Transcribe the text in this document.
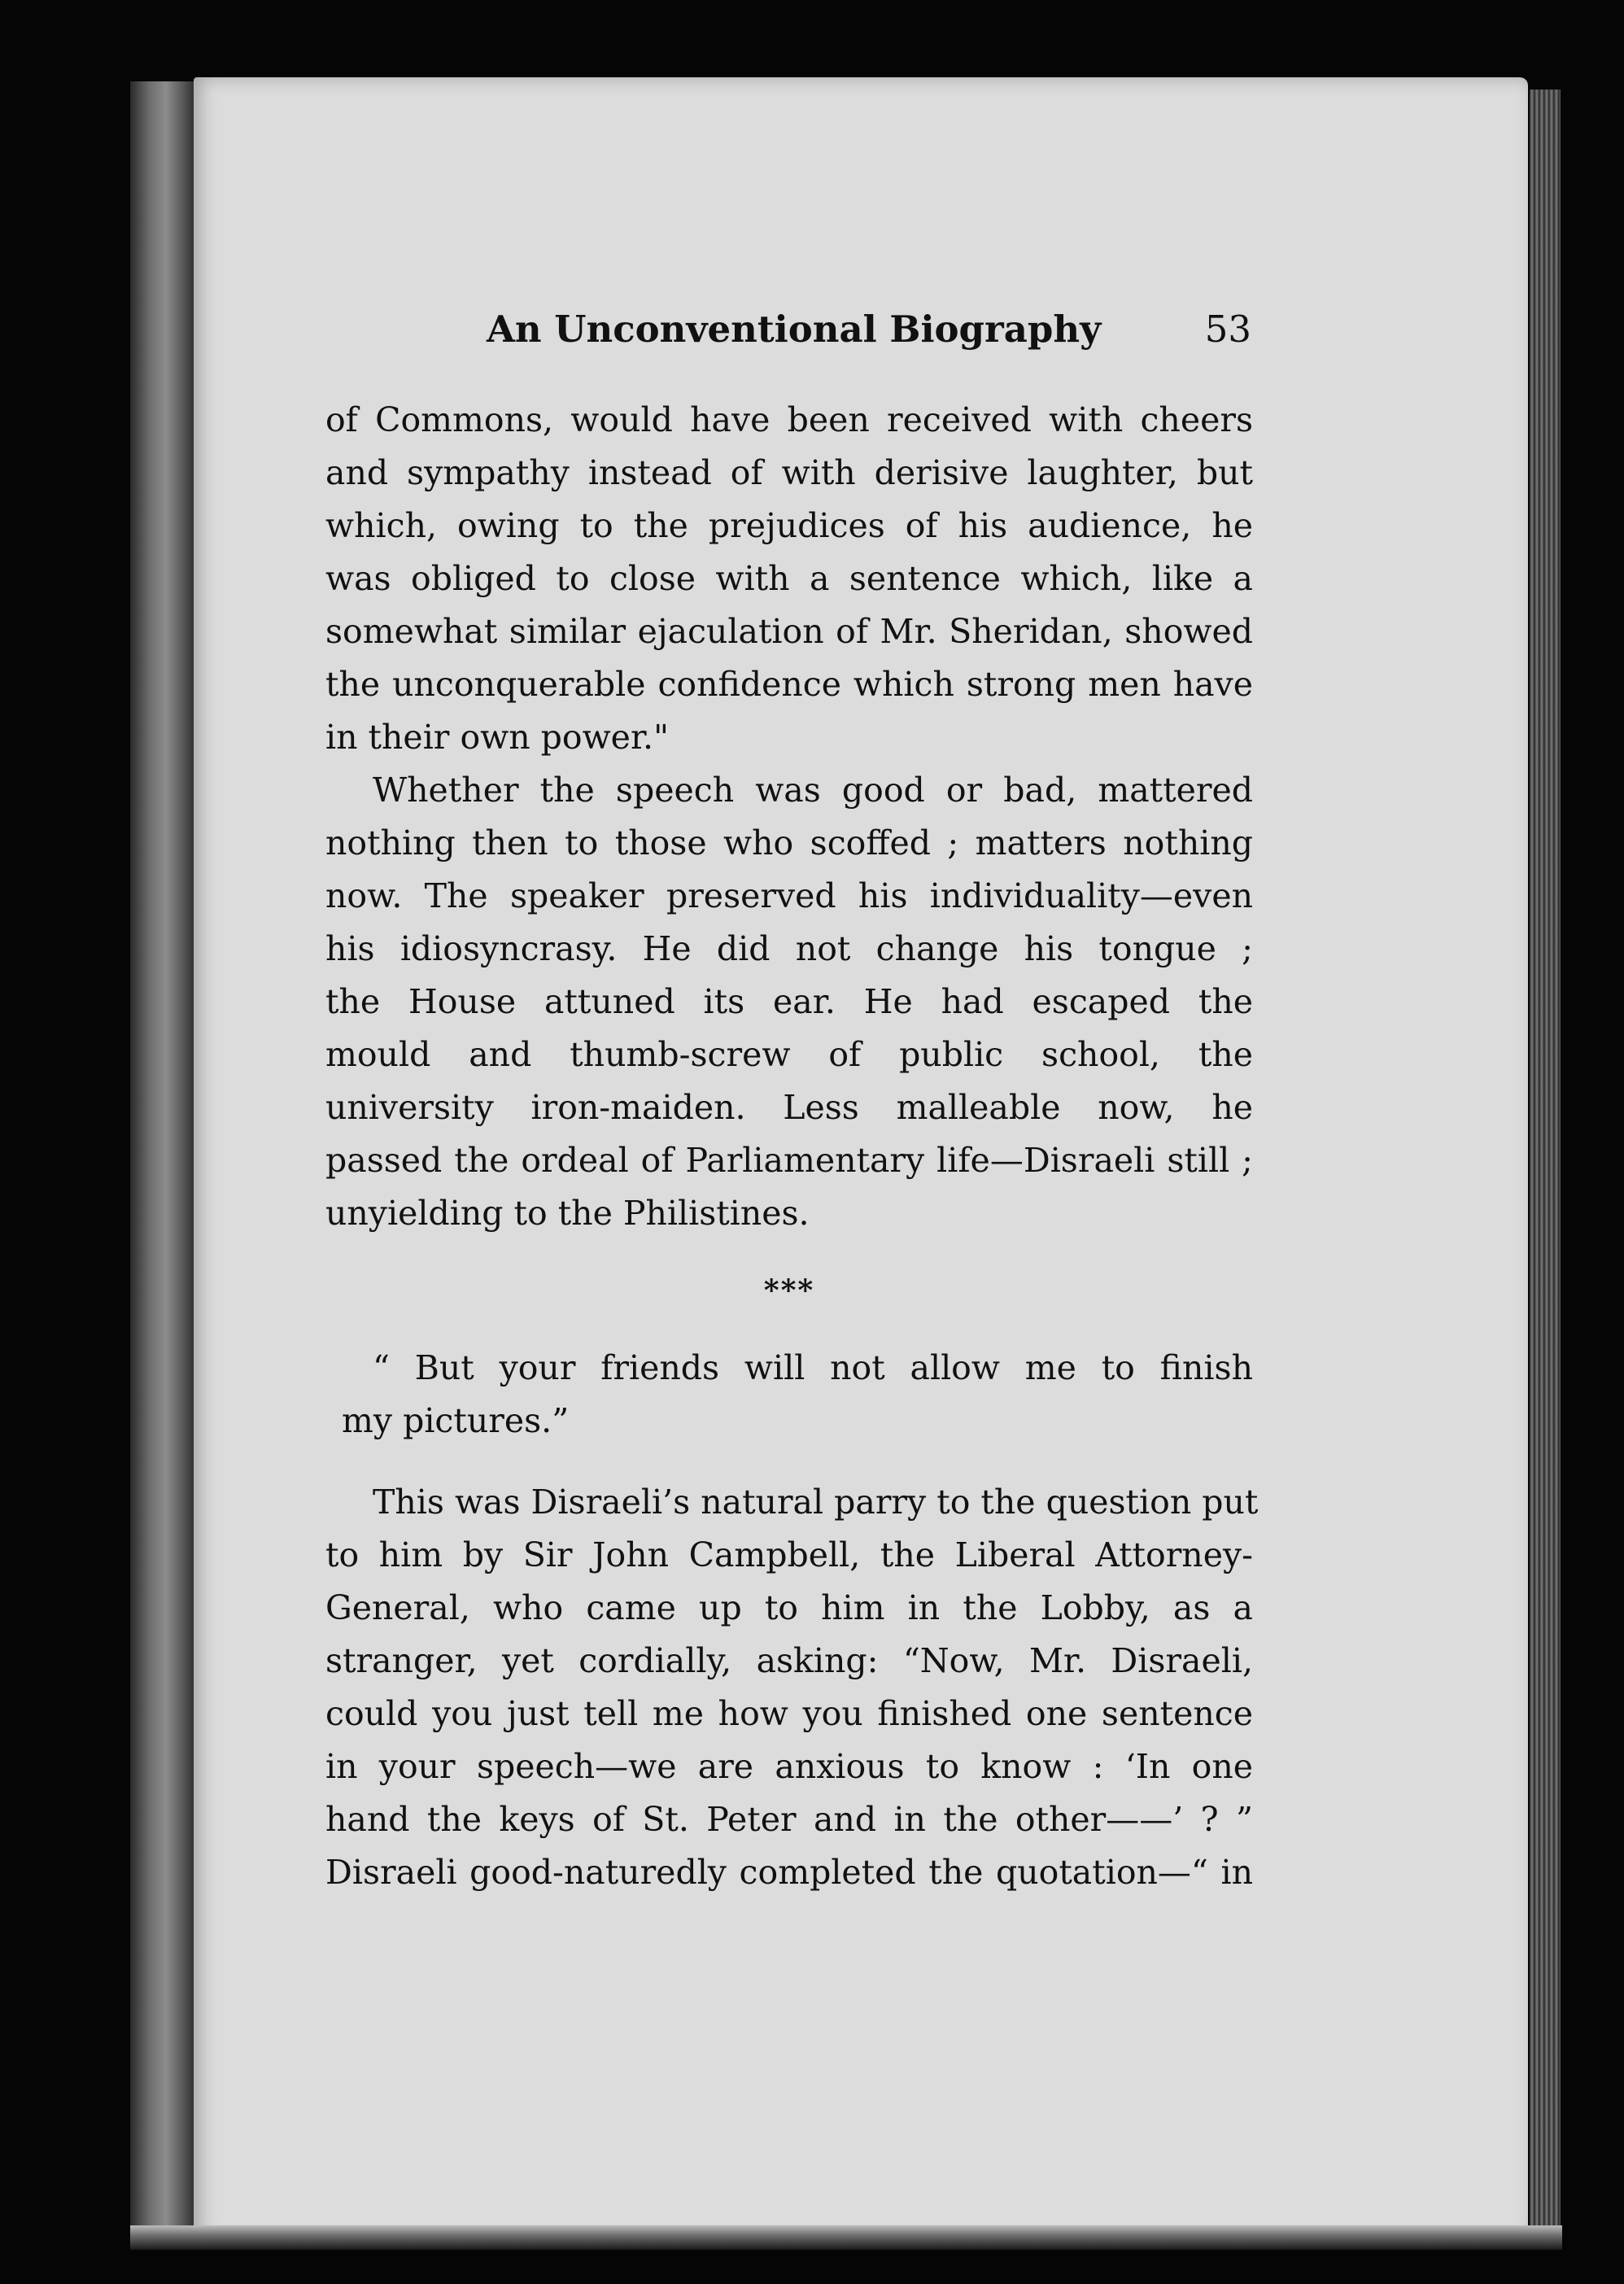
An Unconventional Biography	53
of Commons, would have been received with cheers
and sympathy instead of with derisive laughter, but
which, owing to the prejudices of his audience, he
was obliged to close with a sentence which, like a
somewhat similar ejaculation of Mr. Sheridan, showed
the unconquerable confidence which strong men have
in their own power."
Whether the speech was good or bad, mattered
nothing then to those who scoffed ; matters nothing
now. The speaker preserved his individuality—even
his idiosyncrasy. He did not change his tongue ;
the House attuned its ear. He had escaped the
mould and thumb-screw of public school, the
university iron-maiden. Less malleable now, he
passed the ordeal of Parliamentary life—Disraeli still ;
unyielding to the Philistines.
***
“ But your friends will not allow me to finish
my pictures.”
This was Disraeli’s natural parry to the question put
to him by Sir John Campbell, the Liberal Attorney-
General, who came up to him in the Lobby, as a
stranger, yet cordially, asking: “Now, Mr. Disraeli,
could you just tell me how you finished one sentence
in your speech—we are anxious to know : ‘In one
hand the keys of St. Peter and in the other——’ ? ”
Disraeli good-naturedly completed the quotation—“ in
